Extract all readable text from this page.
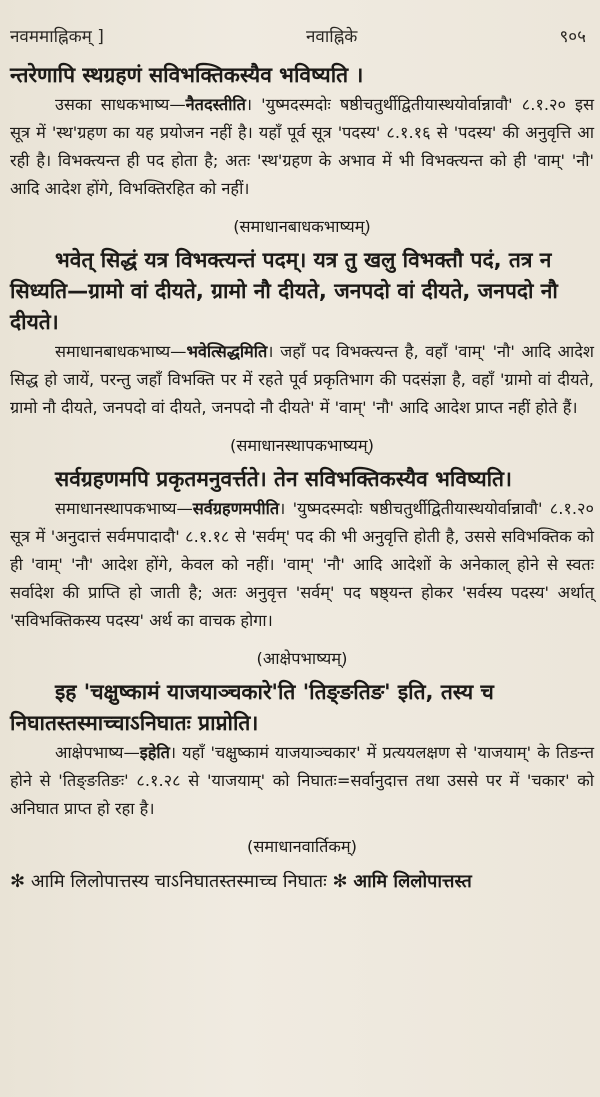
नवममाह्निकम् ]	नवाह्निके	९०५

न्तरेणापि स्थग्रहणं सविभक्तिकस्यैव भविष्यति ।

उसका साधकभाष्य—नैतदस्तीति। 'युष्मदस्मदोः षष्ठीचतुर्थीद्वितीयास्थयोर्वान्नावौ' ८.१.२० इस सूत्र में 'स्थ'ग्रहण का यह प्रयोजन नहीं है। यहाँ पूर्व सूत्र 'पदस्य' ८.१.१६ से 'पदस्य' की अनुवृत्ति आ रही है। विभक्त्यन्त ही पद होता है; अतः 'स्थ'ग्रहण के अभाव में भी विभक्त्यन्त को ही 'वाम्' 'नौ' आदि आदेश होंगे, विभक्तिरहित को नहीं।

(समाधानबाधकभाष्यम्)

भवेत् सिद्धं यत्र विभक्त्यन्तं पदम्। यत्र तु खलु विभक्तौ पदं, तत्र न सिध्यति—ग्रामो वां दीयते, ग्रामो नौ दीयते, जनपदो वां दीयते, जनपदो नौ दीयते।

समाधानबाधकभाष्य—भवेत्सिद्धमिति। जहाँ पद विभक्त्यन्त है, वहाँ 'वाम्' 'नौ' आदि आदेश सिद्ध हो जायें, परन्तु जहाँ विभक्ति पर में रहते पूर्व प्रकृतिभाग की पदसंज्ञा है, वहाँ 'ग्रामो वां दीयते, ग्रामो नौ दीयते, जनपदो वां दीयते, जनपदो नौ दीयते' में 'वाम्' 'नौ' आदि आदेश प्राप्त नहीं होते हैं।

(समाधानस्थापकभाष्यम्)

सर्वग्रहणमपि प्रकृतमनुवर्त्तते। तेन सविभक्तिकस्यैव भविष्यति।

समाधानस्थापकभाष्य—सर्वग्रहणमपीति। 'युष्मदस्मदोः षष्ठीचतुर्थीद्वितीयास्थयोर्वान्नावौ' ८.१.२० सूत्र में 'अनुदात्तं सर्वमपादादौ' ८.१.१८ से 'सर्वम्' पद की भी अनुवृत्ति होती है, उससे सविभक्तिक को ही 'वाम्' 'नौ' आदेश होंगे, केवल को नहीं। 'वाम्' 'नौ' आदि आदेशों के अनेकाल् होने से स्वतः सर्वादेश की प्राप्ति हो जाती है; अतः अनुवृत्त 'सर्वम्' पद षष्ठ्यन्त होकर 'सर्वस्य पदस्य' अर्थात् 'सविभक्तिकस्य पदस्य' अर्थ का वाचक होगा।

(आक्षेपभाष्यम्)

इह 'चक्षुष्कामं याजयाञ्चकारे'ति 'तिङ्ङतिङ' इति, तस्य च निघातस्तस्माच्चाऽनिघातः प्राप्नोति।

आक्षेपभाष्य—इहेति। यहाँ 'चक्षुष्कामं याजयाञ्चकार' में प्रत्ययलक्षण से 'याजयाम्' के तिङन्त होने से 'तिङ्ङतिङः' ८.१.२८ से 'याजयाम्' को निघातः=सर्वानुदात्त तथा उससे पर में 'चकार' को अनिघात प्राप्त हो रहा है।

(समाधानवार्तिकम्)

✻ आमि लिलोपात्तस्य चाऽनिघातस्तस्माच्च निघातः ✻ आमि लिलोपात्तस्त
